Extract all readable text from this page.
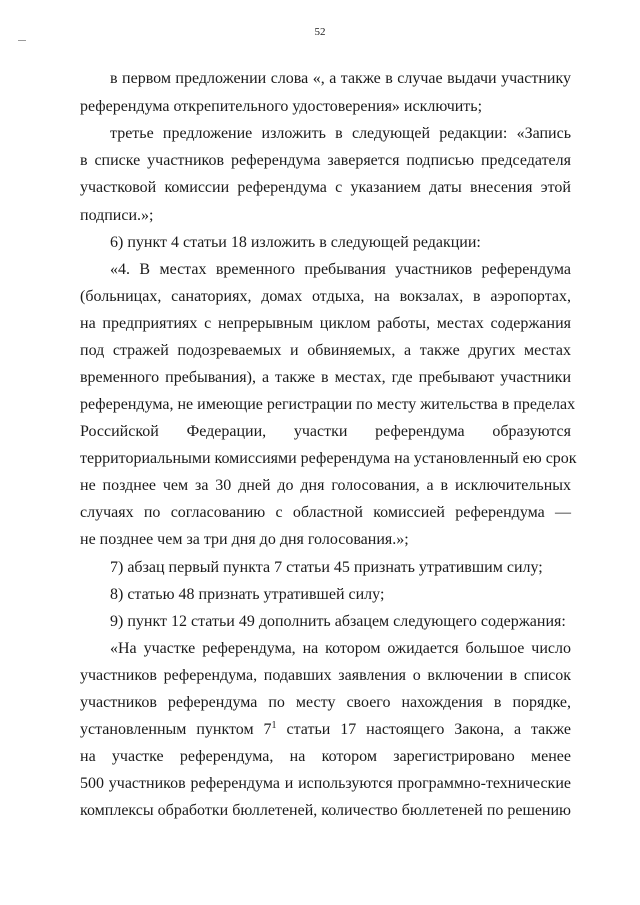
52
в первом предложении слова «, а также в случае выдачи участнику
референдума открепительного удостоверения» исключить;
третье предложение изложить в следующей редакции: «Запись
в списке участников референдума заверяется подписью председателя
участковой комиссии референдума с указанием даты внесения этой
подписи.»;
6) пункт 4 статьи 18 изложить в следующей редакции:
«4. В местах временного пребывания участников референдума
(больницах, санаториях, домах отдыха, на вокзалах, в аэропортах,
на предприятиях с непрерывным циклом работы, местах содержания
под стражей подозреваемых и обвиняемых, а также других местах
временного пребывания), а также в местах, где пребывают участники
референдума, не имеющие регистрации по месту жительства в пределах
Российской Федерации, участки референдума образуются
территориальными комиссиями референдума на установленный ею срок
не позднее чем за 30 дней до дня голосования, а в исключительных
случаях по согласованию с областной комиссией референдума —
не позднее чем за три дня до дня голосования.»;
7) абзац первый пункта 7 статьи 45 признать утратившим силу;
8) статью 48 признать утратившей силу;
9) пункт 12 статьи 49 дополнить абзацем следующего содержания:
«На участке референдума, на котором ожидается большое число
участников референдума, подавших заявления о включении в список
участников референдума по месту своего нахождения в порядке,
установленным пунктом $7^1$ статьи 17 настоящего Закона, а также
на участке референдума, на котором зарегистрировано менее
500 участников референдума и используются программно-технические
комплексы обработки бюллетеней, количество бюллетеней по решению
